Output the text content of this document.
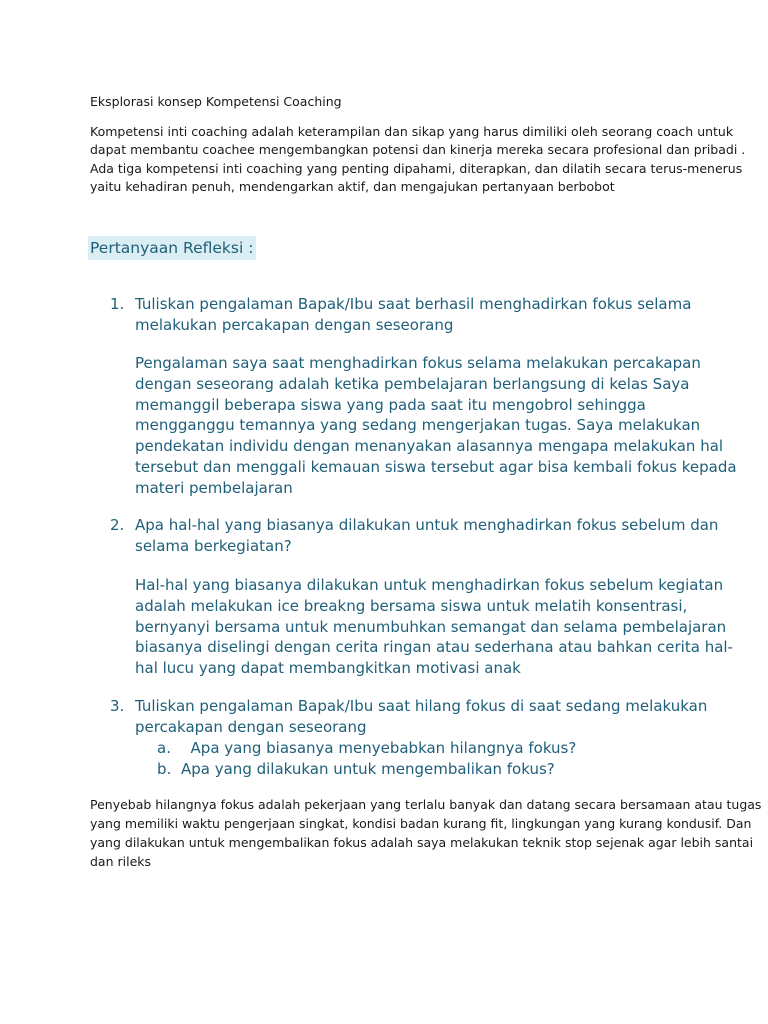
Eksplorasi konsep Kompetensi Coaching
Kompetensi inti coaching adalah keterampilan dan sikap yang harus dimiliki oleh seorang coach untuk
dapat membantu coachee mengembangkan potensi dan kinerja mereka secara profesional dan pribadi .
Ada tiga kompetensi inti coaching yang penting dipahami, diterapkan, dan dilatih secara terus-menerus
yaitu kehadiran penuh, mendengarkan aktif, dan mengajukan pertanyaan berbobot
Pertanyaan Refleksi :
1. Tuliskan pengalaman Bapak/Ibu saat berhasil menghadirkan fokus selama
melakukan percakapan dengan seseorang
Pengalaman saya saat menghadirkan fokus selama melakukan percakapan
dengan seseorang adalah ketika pembelajaran berlangsung di kelas Saya
memanggil beberapa siswa yang pada saat itu mengobrol sehingga
mengganggu temannya yang sedang mengerjakan tugas. Saya melakukan
pendekatan individu dengan menanyakan alasannya mengapa melakukan hal
tersebut dan menggali kemauan siswa tersebut agar bisa kembali fokus kepada
materi pembelajaran
2. Apa hal-hal yang biasanya dilakukan untuk menghadirkan fokus sebelum dan
selama berkegiatan?
Hal-hal yang biasanya dilakukan untuk menghadirkan fokus sebelum kegiatan
adalah melakukan ice breakng bersama siswa untuk melatih konsentrasi,
bernyanyi bersama untuk menumbuhkan semangat dan selama pembelajaran
biasanya diselingi dengan cerita ringan atau sederhana atau bahkan cerita hal-
hal lucu yang dapat membangkitkan motivasi anak
3. Tuliskan pengalaman Bapak/Ibu saat hilang fokus di saat sedang melakukan
percakapan dengan seseorang
a.  Apa yang biasanya menyebabkan hilangnya fokus?
b. Apa yang dilakukan untuk mengembalikan fokus?
Penyebab hilangnya fokus adalah pekerjaan yang terlalu banyak dan datang secara bersamaan atau tugas
yang memiliki waktu pengerjaan singkat, kondisi badan kurang fit, lingkungan yang kurang kondusif. Dan
yang dilakukan untuk mengembalikan fokus adalah saya melakukan teknik stop sejenak agar lebih santai
dan rileks
